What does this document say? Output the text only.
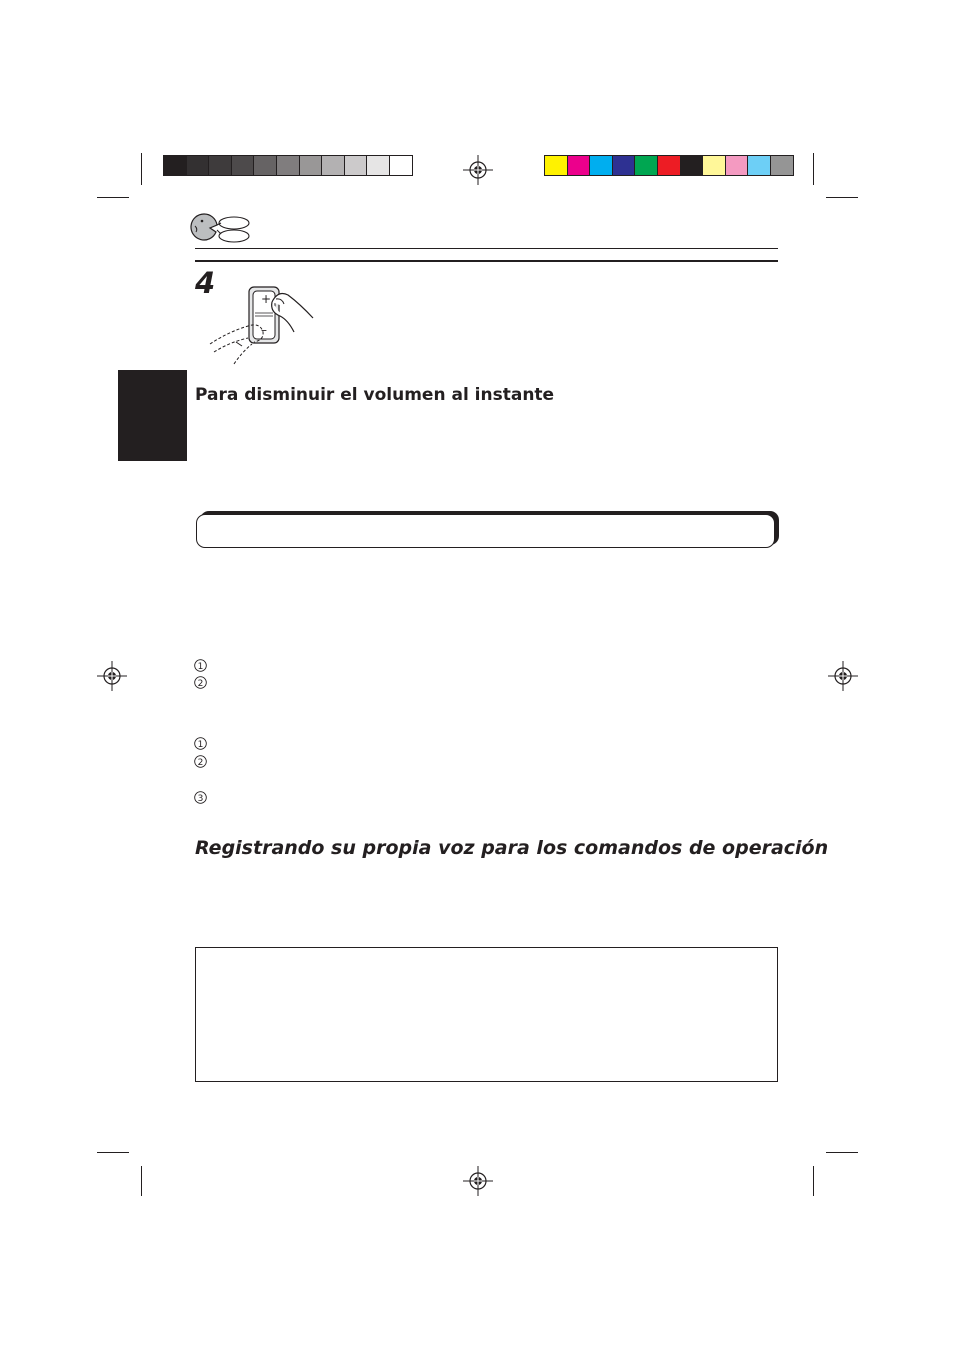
4	+
–
Para disminuir el volumen al instante
1
2
1
2
3
Registrando su propia voz para los comandos de operación
